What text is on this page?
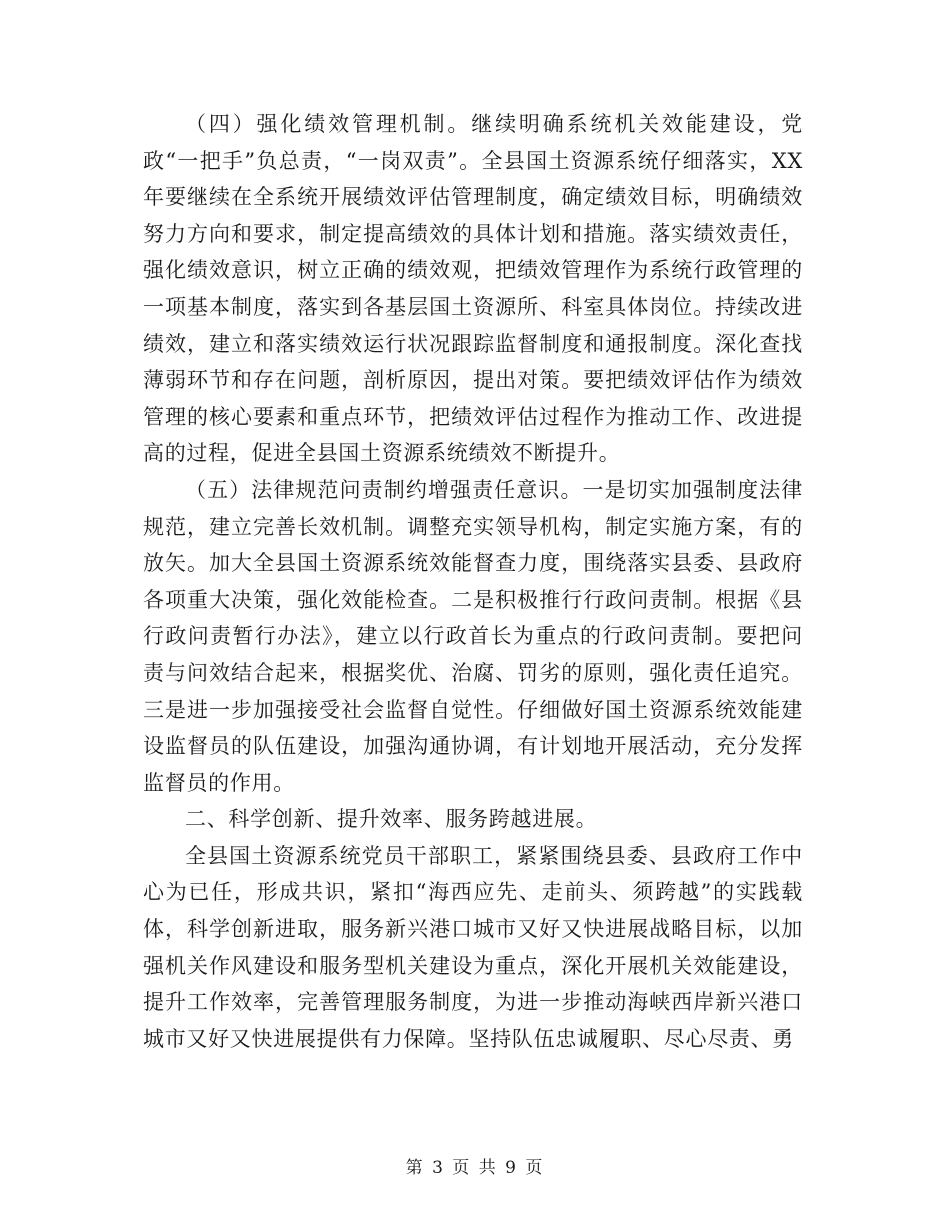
（四）强化绩效管理机制。继续明确系统机关效能建设，党政“一把手”负总责，“一岗双责”。全县国土资源系统仔细落实，XX年要继续在全系统开展绩效评估管理制度，确定绩效目标，明确绩效努力方向和要求，制定提高绩效的具体计划和措施。落实绩效责任，强化绩效意识，树立正确的绩效观，把绩效管理作为系统行政管理的一项基本制度，落实到各基层国土资源所、科室具体岗位。持续改进绩效，建立和落实绩效运行状况跟踪监督制度和通报制度。深化查找薄弱环节和存在问题，剖析原因，提出对策。要把绩效评估作为绩效管理的核心要素和重点环节，把绩效评估过程作为推动工作、改进提高的过程，促进全县国土资源系统绩效不断提升。

（五）法律规范问责制约增强责任意识。一是切实加强制度法律规范，建立完善长效机制。调整充实领导机构，制定实施方案，有的放矢。加大全县国土资源系统效能督查力度，围绕落实县委、县政府各项重大决策，强化效能检查。二是积极推行行政问责制。根据《县行政问责暂行办法》，建立以行政首长为重点的行政问责制。要把问责与问效结合起来，根据奖优、治腐、罚劣的原则，强化责任追究。三是进一步加强接受社会监督自觉性。仔细做好国土资源系统效能建设监督员的队伍建设，加强沟通协调，有计划地开展活动，充分发挥监督员的作用。

二、科学创新、提升效率、服务跨越进展。

全县国土资源系统党员干部职工，紧紧围绕县委、县政府工作中心为已任，形成共识，紧扣“海西应先、走前头、须跨越”的实践载体，科学创新进取，服务新兴港口城市又好又快进展战略目标，以加强机关作风建设和服务型机关建设为重点，深化开展机关效能建设，提升工作效率，完善管理服务制度，为进一步推动海峡西岸新兴港口城市又好又快进展提供有力保障。坚持队伍忠诚履职、尽心尽责、勇

第 3 页 共 9 页
